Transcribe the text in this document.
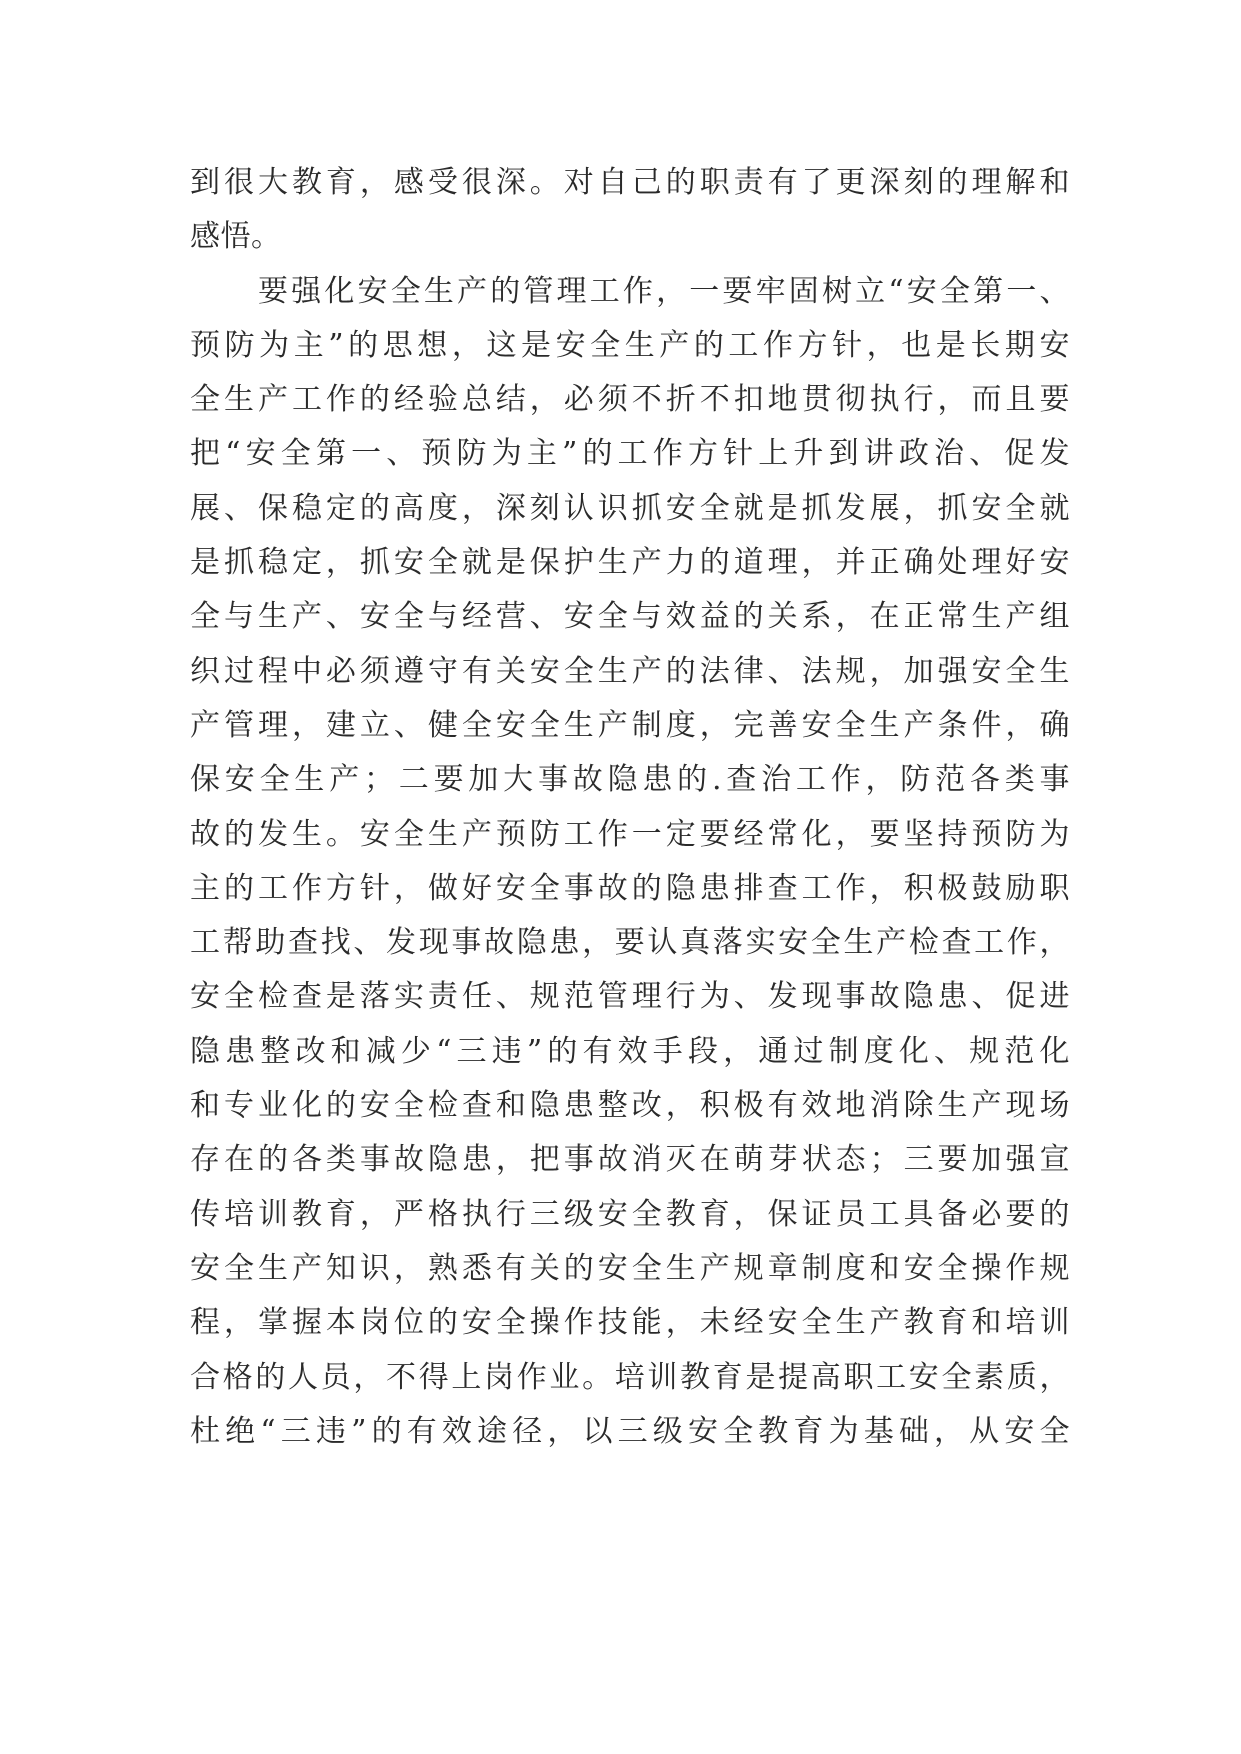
到很大教育，感受很深。对自己的职责有了更深刻的理解和
感悟。
要强化安全生产的管理工作，一要牢固树立“安全第一、
预防为主”的思想，这是安全生产的工作方针，也是长期安
全生产工作的经验总结，必须不折不扣地贯彻执行，而且要
把“安全第一、预防为主”的工作方针上升到讲政治、促发
展、保稳定的高度，深刻认识抓安全就是抓发展，抓安全就
是抓稳定，抓安全就是保护生产力的道理，并正确处理好安
全与生产、安全与经营、安全与效益的关系，在正常生产组
织过程中必须遵守有关安全生产的法律、法规，加强安全生
产管理，建立、健全安全生产制度，完善安全生产条件，确
保安全生产；二要加大事故隐患的.查治工作，防范各类事
故的发生。安全生产预防工作一定要经常化，要坚持预防为
主的工作方针，做好安全事故的隐患排查工作，积极鼓励职
工帮助查找、发现事故隐患，要认真落实安全生产检查工作，
安全检查是落实责任、规范管理行为、发现事故隐患、促进
隐患整改和减少“三违”的有效手段，通过制度化、规范化
和专业化的安全检查和隐患整改，积极有效地消除生产现场
存在的各类事故隐患，把事故消灭在萌芽状态；三要加强宣
传培训教育，严格执行三级安全教育，保证员工具备必要的
安全生产知识，熟悉有关的安全生产规章制度和安全操作规
程，掌握本岗位的安全操作技能，未经安全生产教育和培训
合格的人员，不得上岗作业。培训教育是提高职工安全素质，
杜绝“三违”的有效途径，以三级安全教育为基础，从安全
